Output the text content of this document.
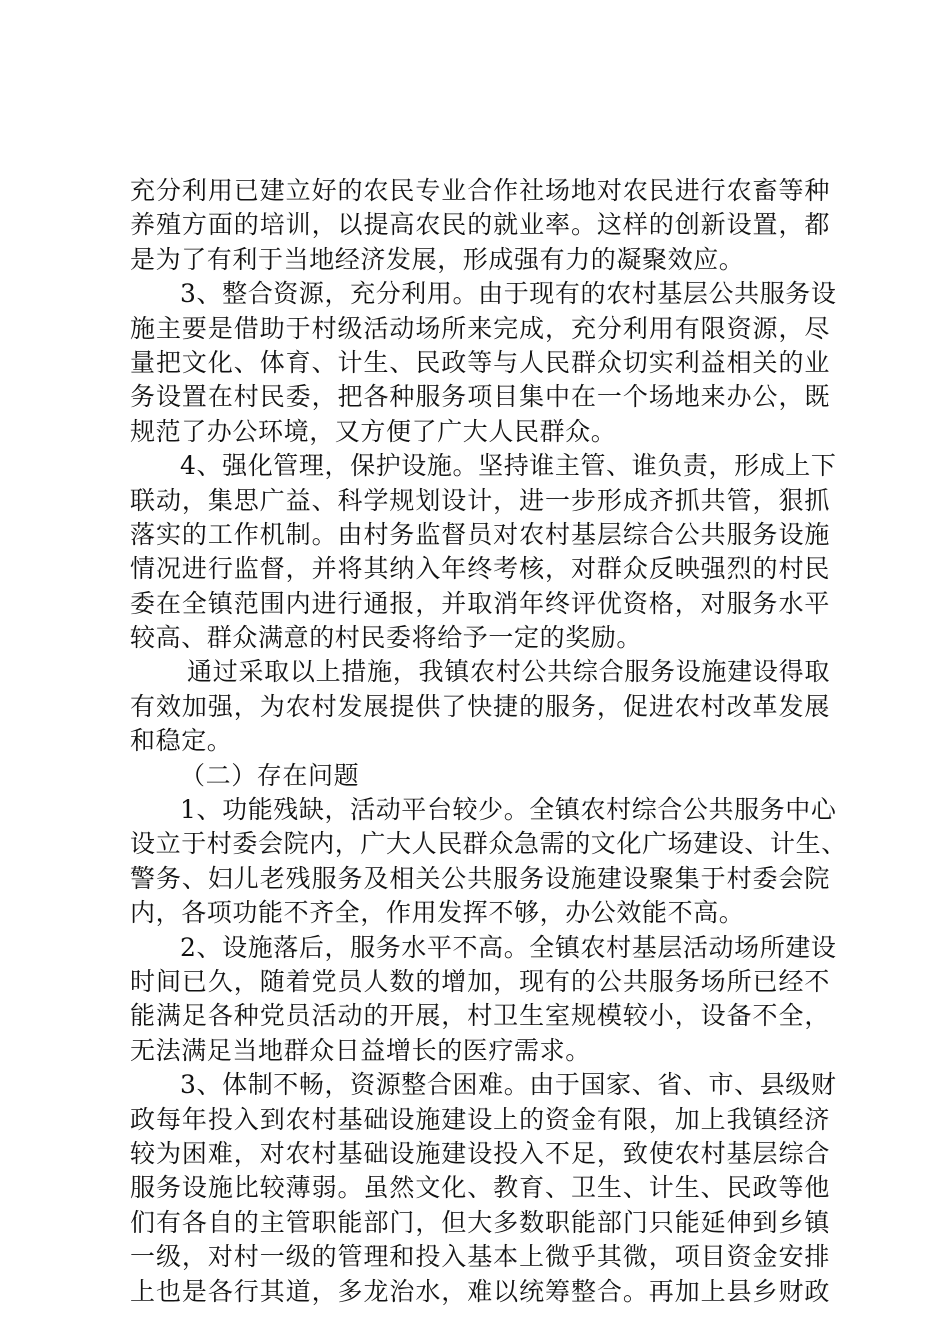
充分利用已建立好的农民专业合作社场地对农民进行农畜等种
养殖方面的培训，以提高农民的就业率。这样的创新设置，都
是为了有利于当地经济发展，形成强有力的凝聚效应。
3、整合资源，充分利用。由于现有的农村基层公共服务设
施主要是借助于村级活动场所来完成，充分利用有限资源，尽
量把文化、体育、计生、民政等与人民群众切实利益相关的业
务设置在村民委，把各种服务项目集中在一个场地来办公，既
规范了办公环境，又方便了广大人民群众。
4、强化管理，保护设施。坚持谁主管、谁负责，形成上下
联动，集思广益、科学规划设计，进一步形成齐抓共管，狠抓
落实的工作机制。由村务监督员对农村基层综合公共服务设施
情况进行监督，并将其纳入年终考核，对群众反映强烈的村民
委在全镇范围内进行通报，并取消年终评优资格，对服务水平
较高、群众满意的村民委将给予一定的奖励。
通过采取以上措施，我镇农村公共综合服务设施建设得取
有效加强，为农村发展提供了快捷的服务，促进农村改革发展
和稳定。
（二）存在问题
1、功能残缺，活动平台较少。全镇农村综合公共服务中心
设立于村委会院内，广大人民群众急需的文化广场建设、计生、
警务、妇儿老残服务及相关公共服务设施建设聚集于村委会院
内，各项功能不齐全，作用发挥不够，办公效能不高。
2、设施落后，服务水平不高。全镇农村基层活动场所建设
时间已久，随着党员人数的增加，现有的公共服务场所已经不
能满足各种党员活动的开展，村卫生室规模较小，设备不全，
无法满足当地群众日益增长的医疗需求。
3、体制不畅，资源整合困难。由于国家、省、市、县级财
政每年投入到农村基础设施建设上的资金有限，加上我镇经济
较为困难，对农村基础设施建设投入不足，致使农村基层综合
服务设施比较薄弱。虽然文化、教育、卫生、计生、民政等他
们有各自的主管职能部门，但大多数职能部门只能延伸到乡镇
一级，对村一级的管理和投入基本上微乎其微，项目资金安排
上也是各行其道，多龙治水，难以统筹整合。再加上县乡财政
